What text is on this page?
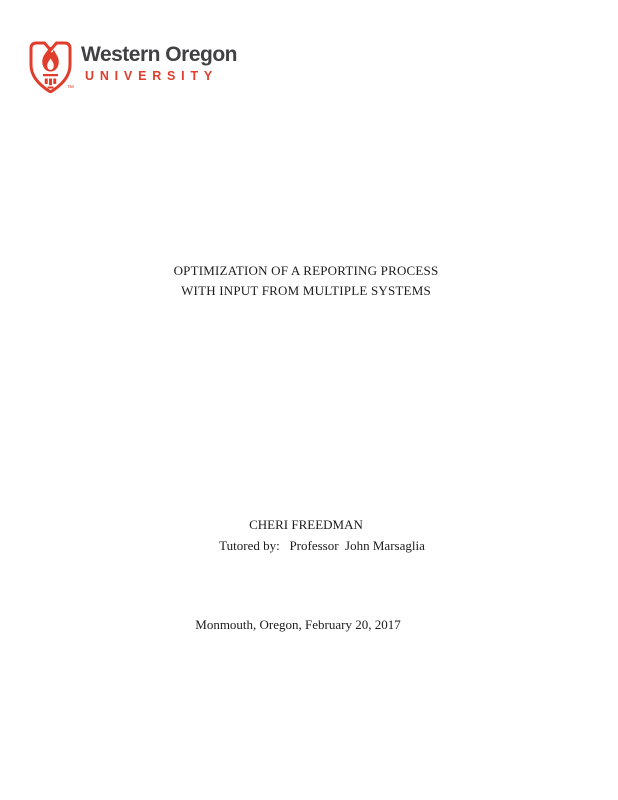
™
Western Oregon
UNIVERSITY
OPTIMIZATION OF A REPORTING PROCESS
WITH INPUT FROM MULTIPLE SYSTEMS
CHERI FREEDMAN
Tutored by:   Professor  John Marsaglia
Monmouth, Oregon, February 20, 2017
